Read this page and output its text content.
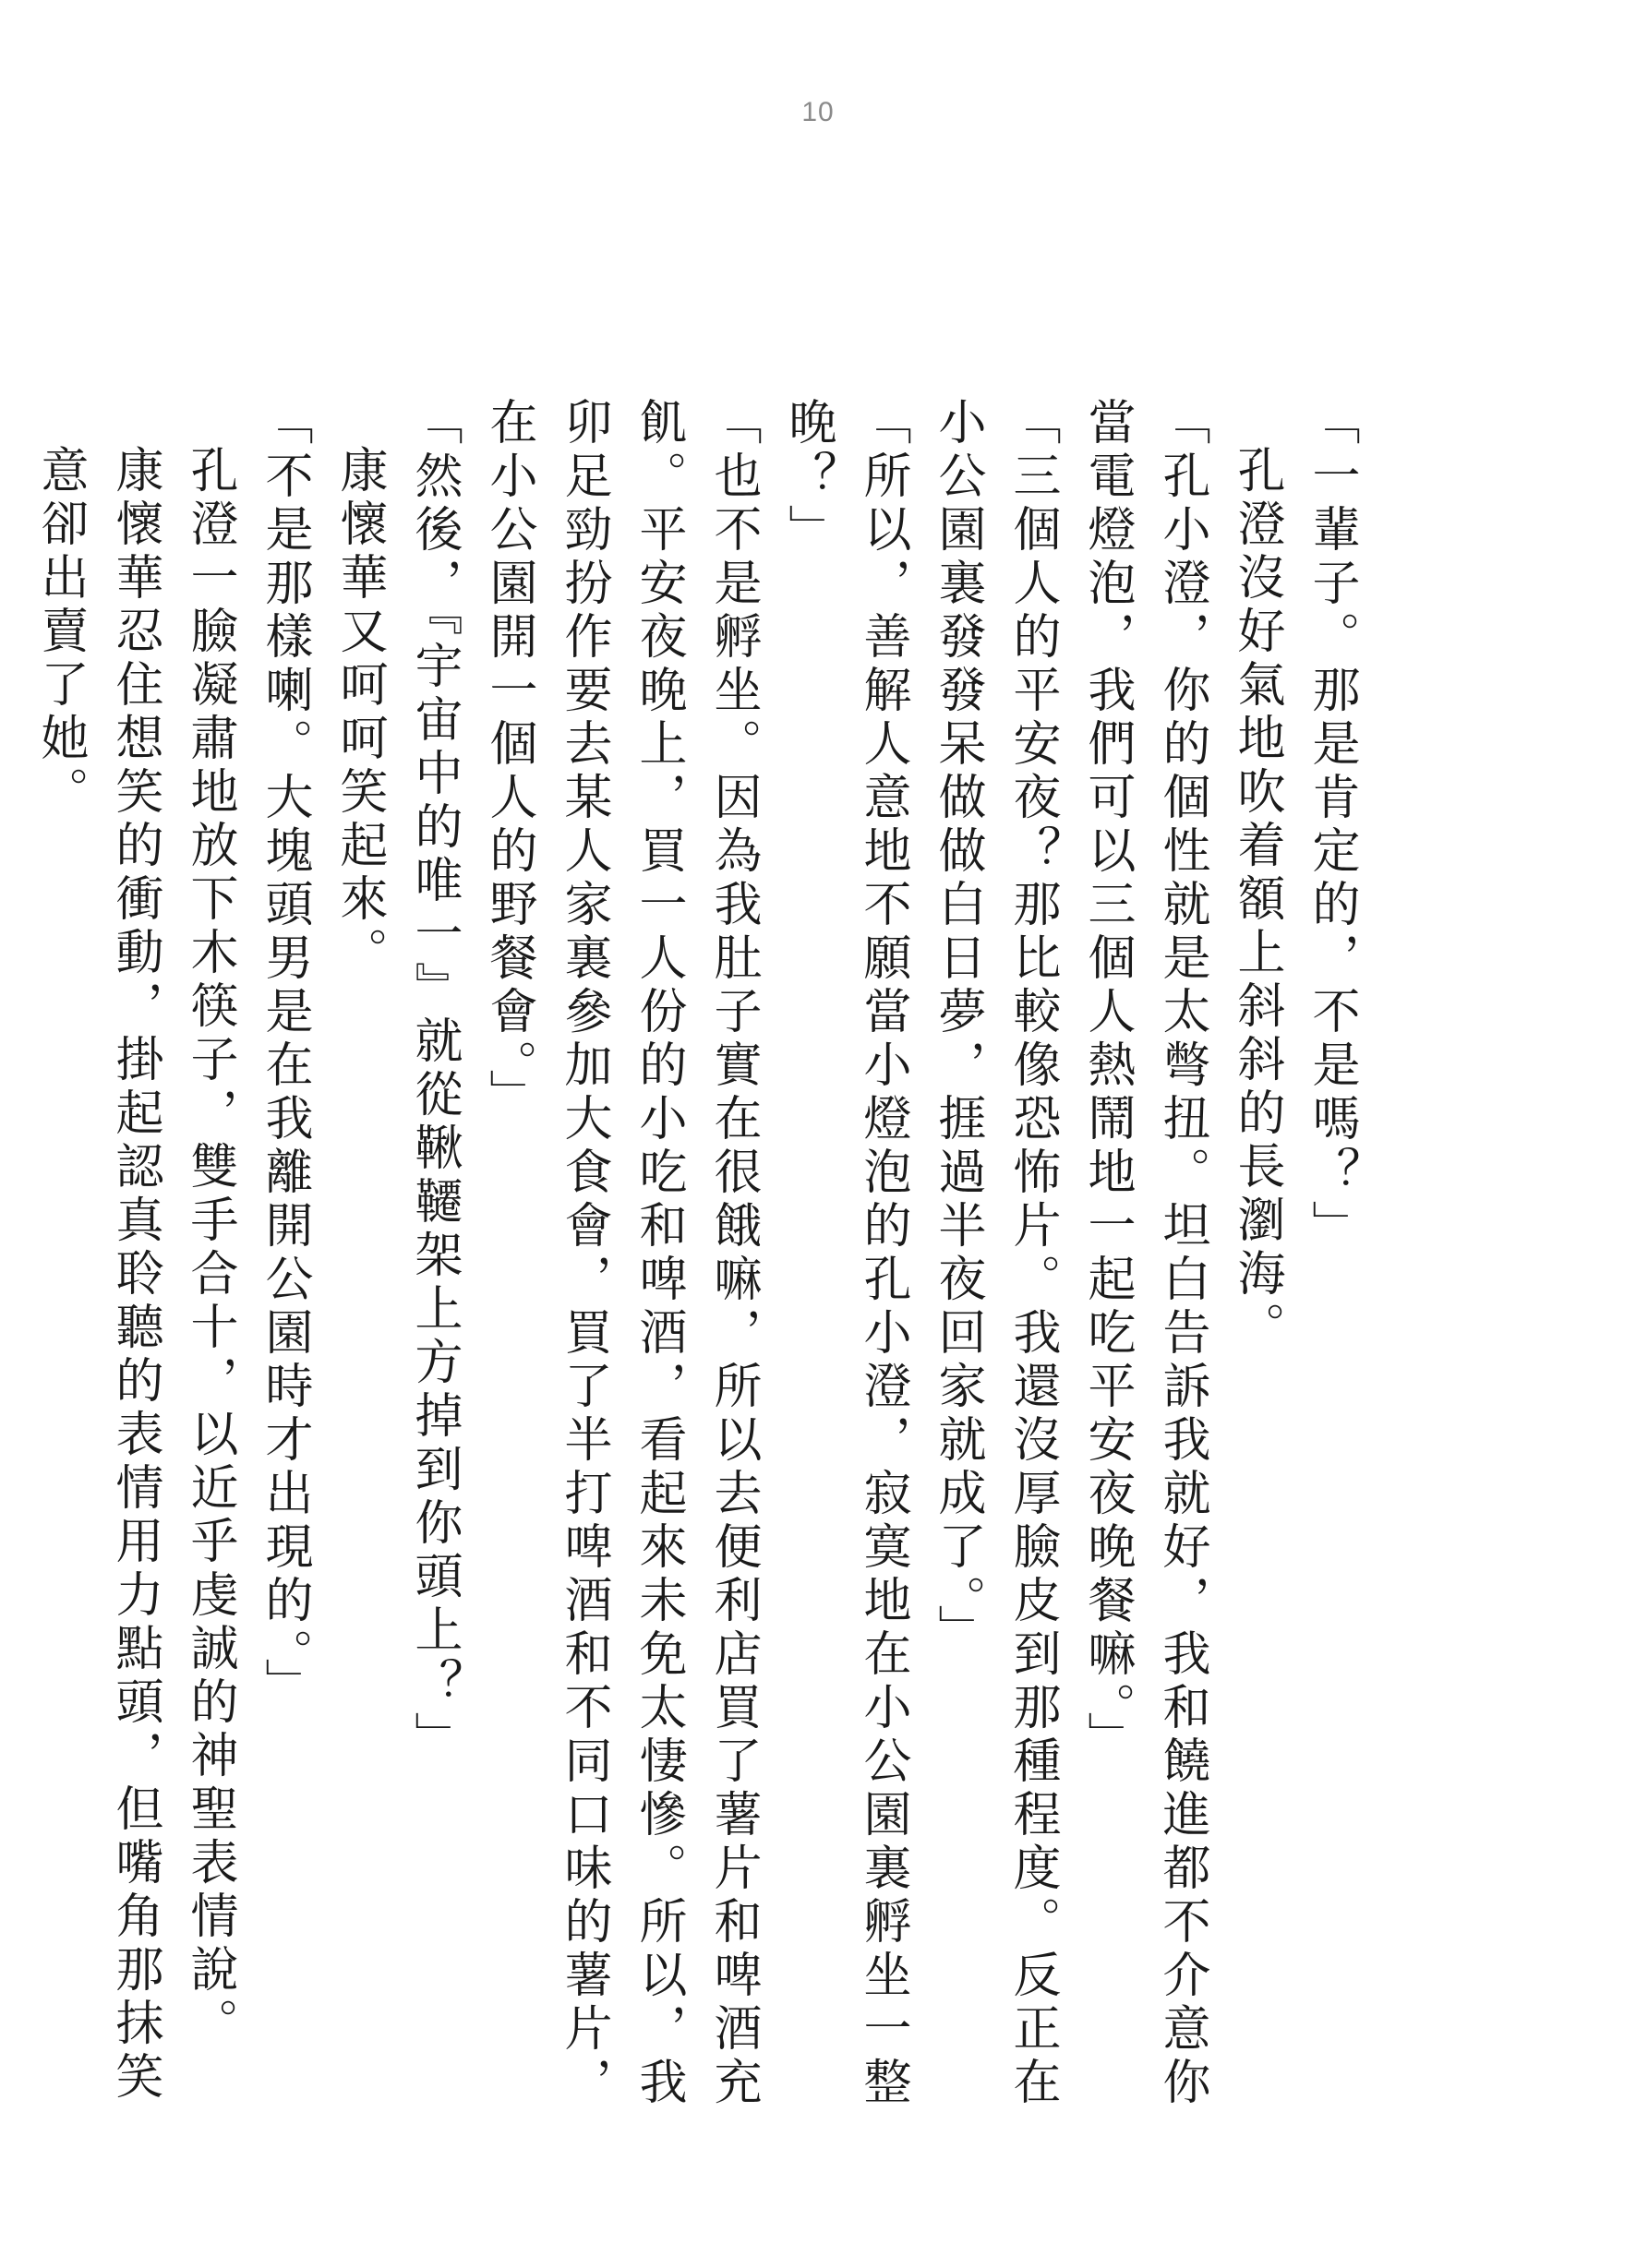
10

「一輩子。那是肯定的，不是嗎？」

孔澄沒好氣地吹着額上斜斜的長瀏海。

「孔小澄，你的個性就是太彆扭。坦白告訴我就好，我和饒進都不介意你當電燈泡，我們可以三個人熱鬧地一起吃平安夜晚餐嘛。」

「三個人的平安夜？那比較像恐怖片。我還沒厚臉皮到那種程度。反正在小公園裏發發呆做做白日夢，捱過半夜回家就成了。」

「所以，善解人意地不願當小燈泡的孔小澄，寂寞地在小公園裏孵坐一整晚？」

「也不是孵坐。因為我肚子實在很餓嘛，所以去便利店買了薯片和啤酒充飢。平安夜晚上，買一人份的小吃和啤酒，看起來未免太悽慘。所以，我卯足勁扮作要去某人家裏參加大食會，買了半打啤酒和不同口味的薯片，在小公園開一個人的野餐會。」

「然後，『宇宙中的唯一』就從鞦韆架上方掉到你頭上？」

康懷華又呵呵笑起來。

「不是那樣喇。大塊頭男是在我離開公園時才出現的。」

孔澄一臉凝肅地放下木筷子，雙手合十，以近乎虔誠的神聖表情說。

康懷華忍住想笑的衝動，掛起認真聆聽的表情用力點頭，但嘴角那抹笑意卻出賣了她。
